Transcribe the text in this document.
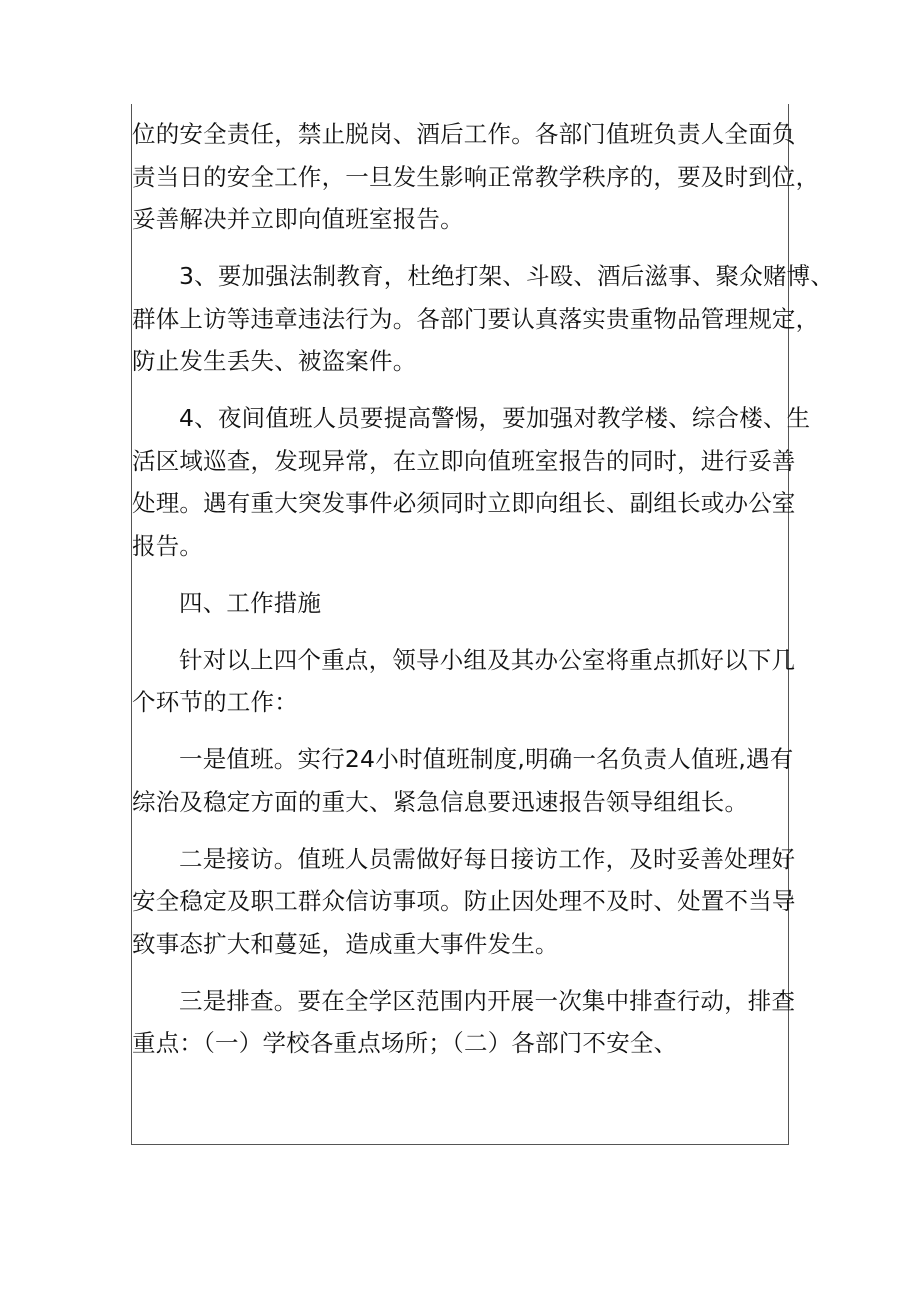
位的安全责任，禁止脱岗、酒后工作。各部门值班负责人全面负
责当日的安全工作，一旦发生影响正常教学秩序的，要及时到位，
妥善解决并立即向值班室报告。
3、要加强法制教育，杜绝打架、斗殴、酒后滋事、聚众赌博、
群体上访等违章违法行为。各部门要认真落实贵重物品管理规定，
防止发生丢失、被盗案件。
4、夜间值班人员要提高警惕，要加强对教学楼、综合楼、生
活区域巡查，发现异常，在立即向值班室报告的同时，进行妥善
处理。遇有重大突发事件必须同时立即向组长、副组长或办公室
报告。
四、工作措施
针对以上四个重点，领导小组及其办公室将重点抓好以下几
个环节的工作：
一是值班。实行24小时值班制度,明确一名负责人值班,遇有
综治及稳定方面的重大、紧急信息要迅速报告领导组组长。
二是接访。值班人员需做好每日接访工作，及时妥善处理好
安全稳定及职工群众信访事项。防止因处理不及时、处置不当导
致事态扩大和蔓延，造成重大事件发生。
三是排查。要在全学区范围内开展一次集中排查行动，排查
重点：（一）学校各重点场所；（二）各部门不安全、
